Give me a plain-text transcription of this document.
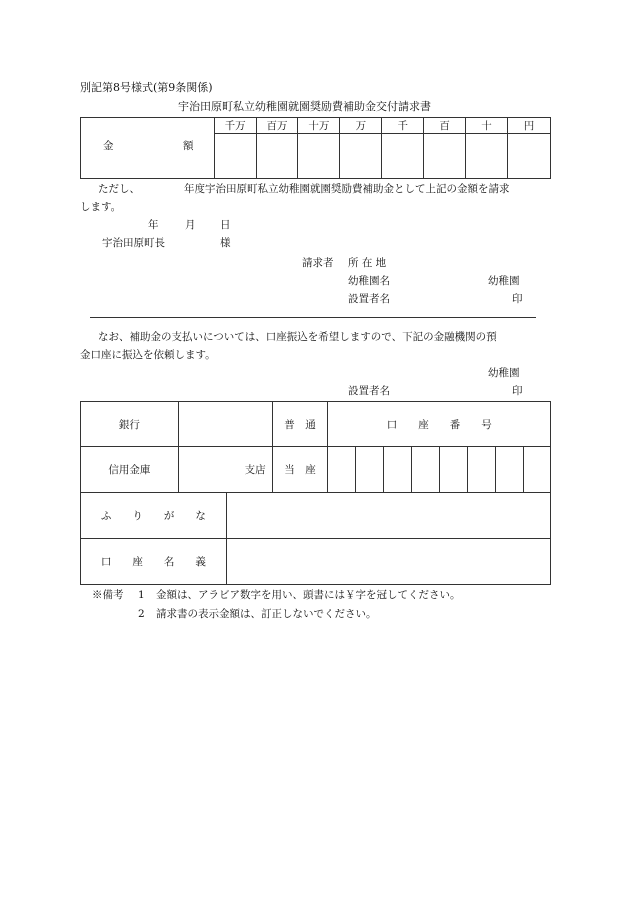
別記第8号様式(第9条関係)
宇治田原町私立幼稚園就園奨励費補助金交付請求書
金 額	千万	百万	十万	万	千	百	十	円

ただし、	年度宇治田原町私立幼稚園就園奨励費補助金として上記の金額を請求
します。
年	月 日
宇治田原町長	様
請求者 所 在 地
幼稚園名	幼稚園
設置者名	印
なお、補助金の支払いについては、口座振込を希望しますので、下記の金融機関の預
金口座に振込を依頼します。
幼稚園
設置者名	印
銀行			普　通	口　　座　　番　　号							
信用金庫	支店		当　座								
ふ　　り　　が　　な											
口　　座　　名　　義											
※備考 1 金額は、アラビア数字を用い、頭書には￥字を冠してください。
2 請求書の表示金額は、訂正しないでください。
